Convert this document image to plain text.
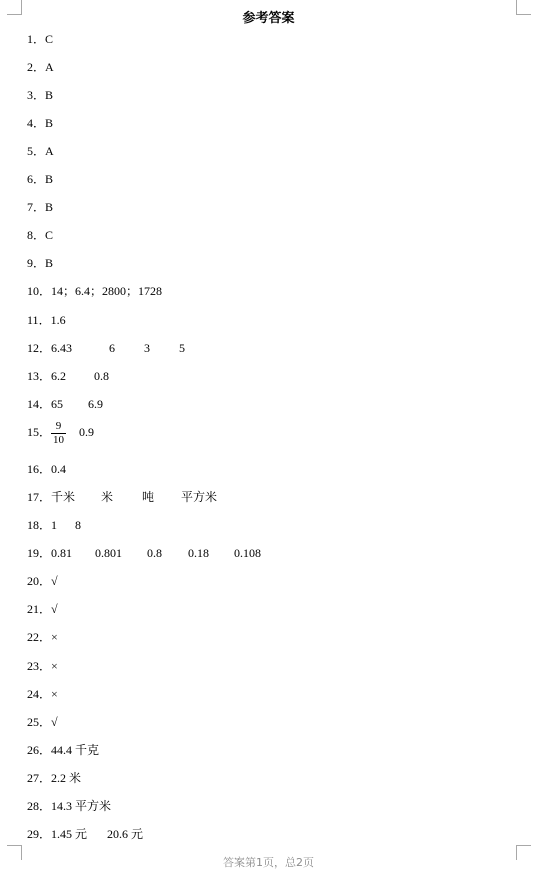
参考答案
1．C
2．A
3．B
4．B
5．A
6．B
7．B
8．C
9．B
10．14；6.4；2800；1728
11．1.6
12．6.43	6 3 5
13．6.2 0.8
14．65 6.9
15． $\frac{9}{10} 0.9$
16．0.4
17．千米 米 吨 平方米
18．1 8
19．0.81 0.801 0.8 0.18 0.108
20．√
21．√
22．×
23．×
24．×
25．√
26．44.4 千克
27．2.2 米
28．14.3 平方米
29．1.45 元 20.6 元
答案第1页，总2页
